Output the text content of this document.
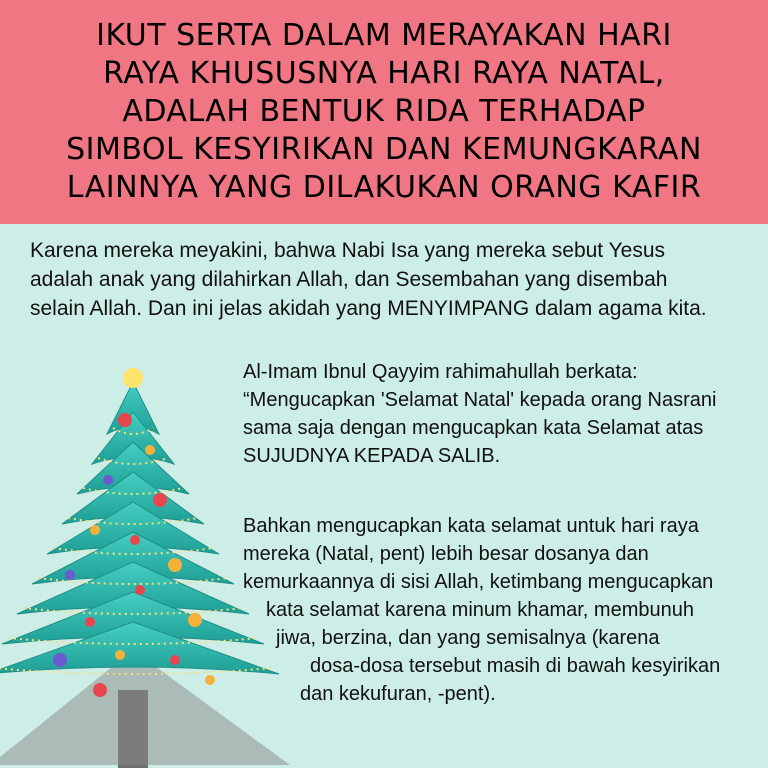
IKUT SERTA DALAM MERAYAKAN HARI
RAYA KHUSUSNYA HARI RAYA NATAL,
ADALAH BENTUK RIDA TERHADAP
SIMBOL KESYIRIKAN DAN KEMUNGKARAN
LAINNYA YANG DILAKUKAN ORANG KAFIR
Karena mereka meyakini, bahwa Nabi Isa yang mereka sebut Yesus
adalah anak yang dilahirkan Allah, dan Sesembahan yang disembah
selain Allah. Dan ini jelas akidah yang MENYIMPANG dalam agama kita.
Al-Imam Ibnul Qayyim rahimahullah berkata:
“Mengucapkan 'Selamat Natal' kepada orang Nasrani
sama saja dengan mengucapkan kata Selamat atas
SUJUDNYA KEPADA SALIB.
Bahkan mengucapkan kata selamat untuk hari raya
mereka (Natal, pent) lebih besar dosanya dan
kemurkaannya di sisi Allah, ketimbang mengucapkan
kata selamat karena minum khamar, membunuh
jiwa, berzina, dan yang semisalnya (karena
dosa-dosa tersebut masih di bawah kesyirikan
dan kekufuran, -pent).
